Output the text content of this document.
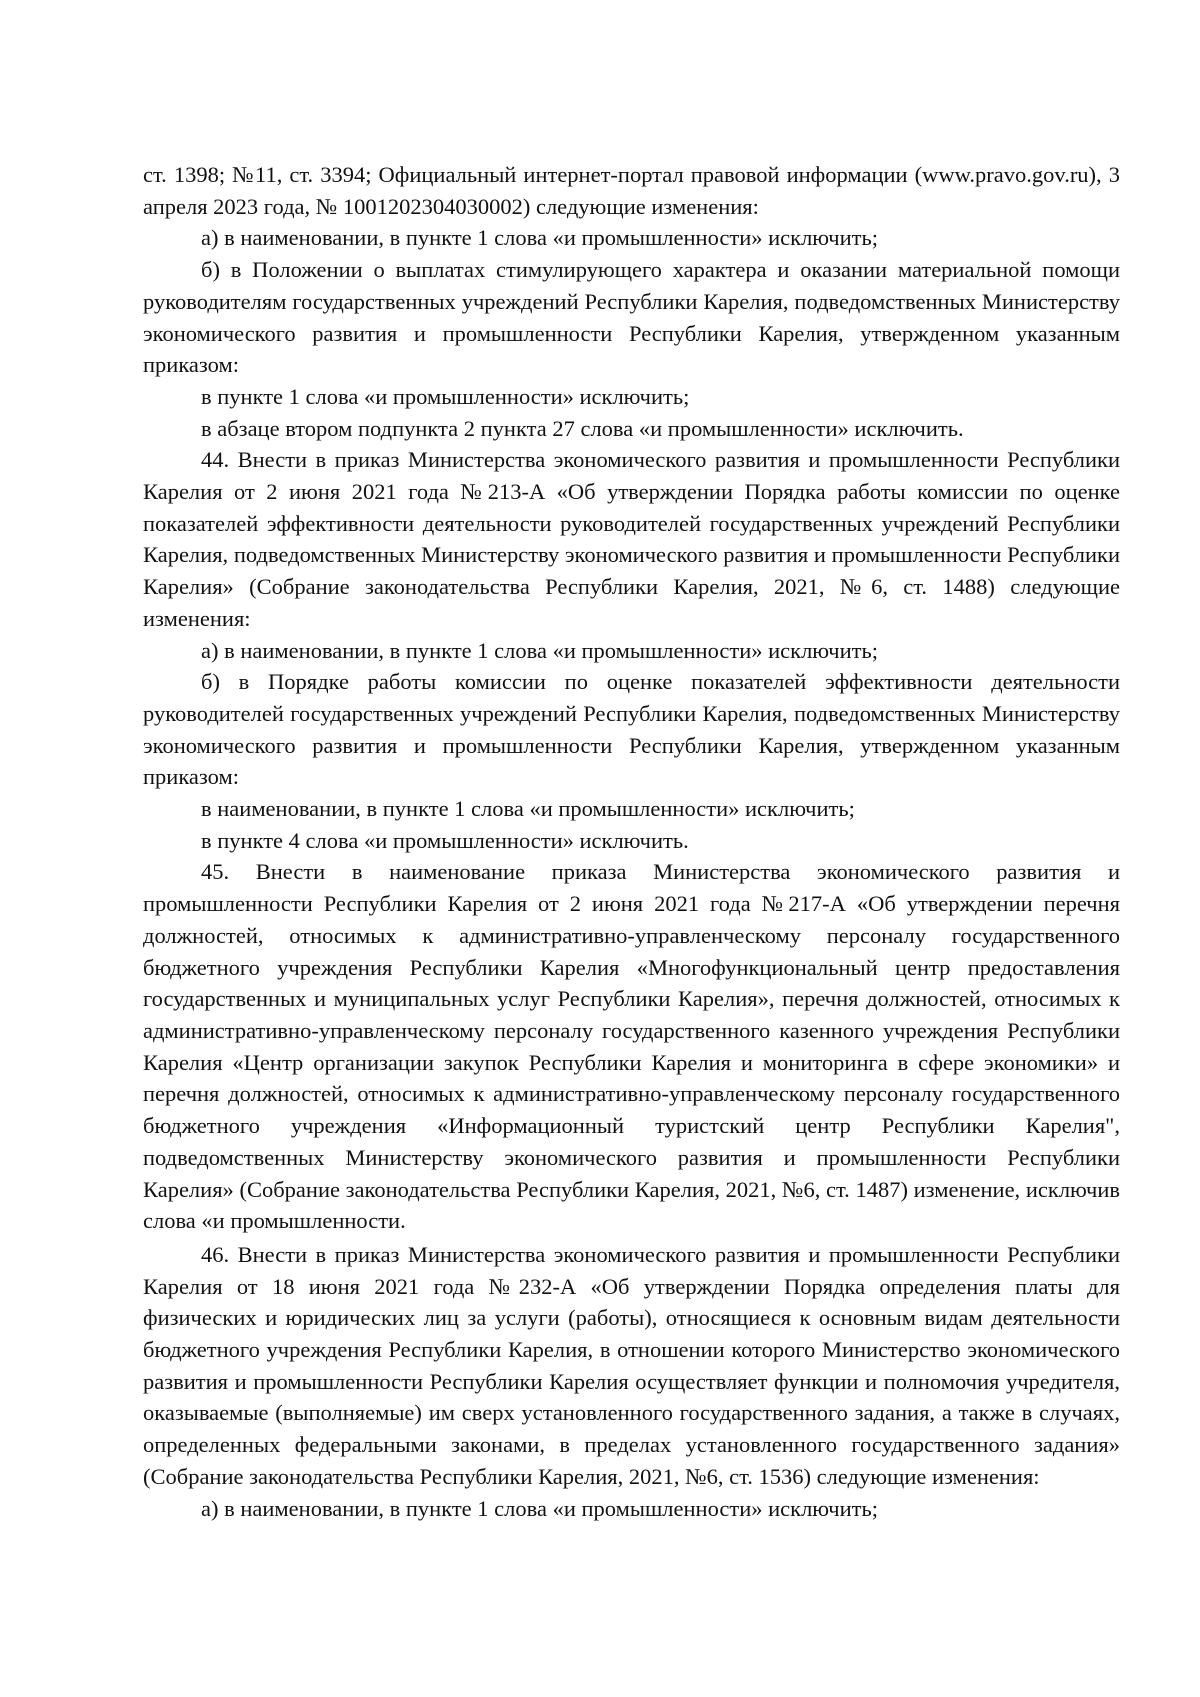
ст. 1398; №11, ст. 3394; Официальный интернет-портал правовой информации (www.pravo.gov.ru), 3 апреля 2023 года, № 1001202304030002) следующие изменения:

а) в наименовании, в пункте 1 слова «и промышленности» исключить;

б) в Положении о выплатах стимулирующего характера и оказании материальной помощи руководителям государственных учреждений Республики Карелия, подведомственных Министерству экономического развития и промышленности Республики Карелия, утвержденном указанным приказом:

в пункте 1 слова «и промышленности» исключить;

в абзаце втором подпункта 2 пункта 27 слова «и промышленности» исключить.

44. Внести в приказ Министерства экономического развития и промышленности Республики Карелия от 2 июня 2021 года №213-А «Об утверждении Порядка работы комиссии по оценке показателей эффективности деятельности руководителей государственных учреждений Республики Карелия, подведомственных Министерству экономического развития и промышленности Республики Карелия» (Собрание законодательства Республики Карелия, 2021, №6, ст. 1488) следующие изменения:

а) в наименовании, в пункте 1 слова «и промышленности» исключить;

б) в Порядке работы комиссии по оценке показателей эффективности деятельности руководителей государственных учреждений Республики Карелия, подведомственных Министерству экономического развития и промышленности Республики Карелия, утвержденном указанным приказом:

в наименовании, в пункте 1 слова «и промышленности» исключить;

в пункте 4 слова «и промышленности» исключить.

45. Внести в наименование приказа Министерства экономического развития и промышленности Республики Карелия от 2 июня 2021 года №217-А «Об утверждении перечня должностей, относимых к административно-управленческому персоналу государственного бюджетного учреждения Республики Карелия «Многофункциональный центр предоставления государственных и муниципальных услуг Республики Карелия», перечня должностей, относимых к административно-управленческому персоналу государственного казенного учреждения Республики Карелия «Центр организации закупок Республики Карелия и мониторинга в сфере экономики» и перечня должностей, относимых к административно-управленческому персоналу государственного бюджетного учреждения «Информационный туристский центр Республики Карелия", подведомственных Министерству экономического развития и промышленности Республики Карелия» (Собрание законодательства Республики Карелия, 2021, №6, ст. 1487) изменение, исключив слова «и промышленности.

46. Внести в приказ Министерства экономического развития и промышленности Республики Карелия от 18 июня 2021 года №232-А «Об утверждении Порядка определения платы для физических и юридических лиц за услуги (работы), относящиеся к основным видам деятельности бюджетного учреждения Республики Карелия, в отношении которого Министерство экономического развития и промышленности Республики Карелия осуществляет функции и полномочия учредителя, оказываемые (выполняемые) им сверх установленного государственного задания, а также в случаях, определенных федеральными законами, в пределах установленного государственного задания» (Собрание законодательства Республики Карелия, 2021, №6, ст. 1536) следующие изменения:

а) в наименовании, в пункте 1 слова «и промышленности» исключить;
